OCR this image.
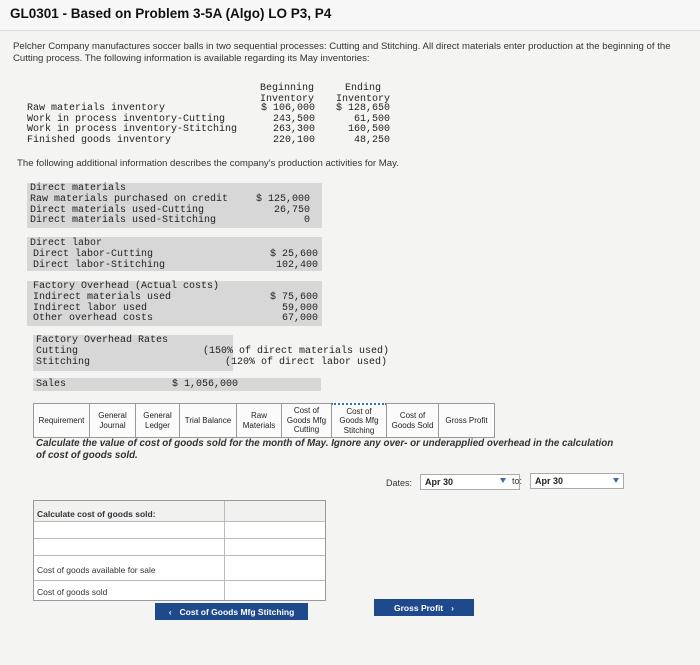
GL0301 - Based on Problem 3-5A (Algo) LO P3, P4
Pelcher Company manufactures soccer balls in two sequential processes: Cutting and Stitching. All direct materials enter production at the beginning of the Cutting process. The following information is available regarding its May inventories:
Beginning
Inventory
Ending
Inventory
Raw materials inventory	$ 106,000	$ 128,650
Work in process inventory-Cutting	243,500	61,500
Work in process inventory-Stitching	263,300	160,500
Finished goods inventory	220,100	48,250
The following additional information describes the company's production activities for May.
Direct materials
Raw materials purchased on credit	$ 125,000
Direct materials used-Cutting	26,750
Direct materials used-Stitching	0
Direct labor
Direct labor-Cutting	$ 25,600
Direct labor-Stitching	102,400
Factory Overhead (Actual costs)
Indirect materials used	$ 75,600
Indirect labor used	59,000
Other overhead costs	67,000
Factory Overhead Rates
Cutting	(150% of direct materials used)
Stitching	(120% of direct labor used)
Sales	$ 1,056,000
Requirement
General
Journal
General
Ledger
Trial Balance
Raw
Materials
Cost of
Goods Mfg
Cutting
Cost of
Goods Mfg
Stitching
Cost of
Goods Sold
Gross Profit
Calculate the value of cost of goods sold for the month of May. Ignore any over- or underapplied overhead in the calculation of cost of goods sold.
Dates:	Apr 30	to:	Apr 30
Calculate cost of goods sold:
Cost of goods available for sale
Cost of goods sold
‹ Cost of Goods Mfg Stitching	Gross Profit ›
